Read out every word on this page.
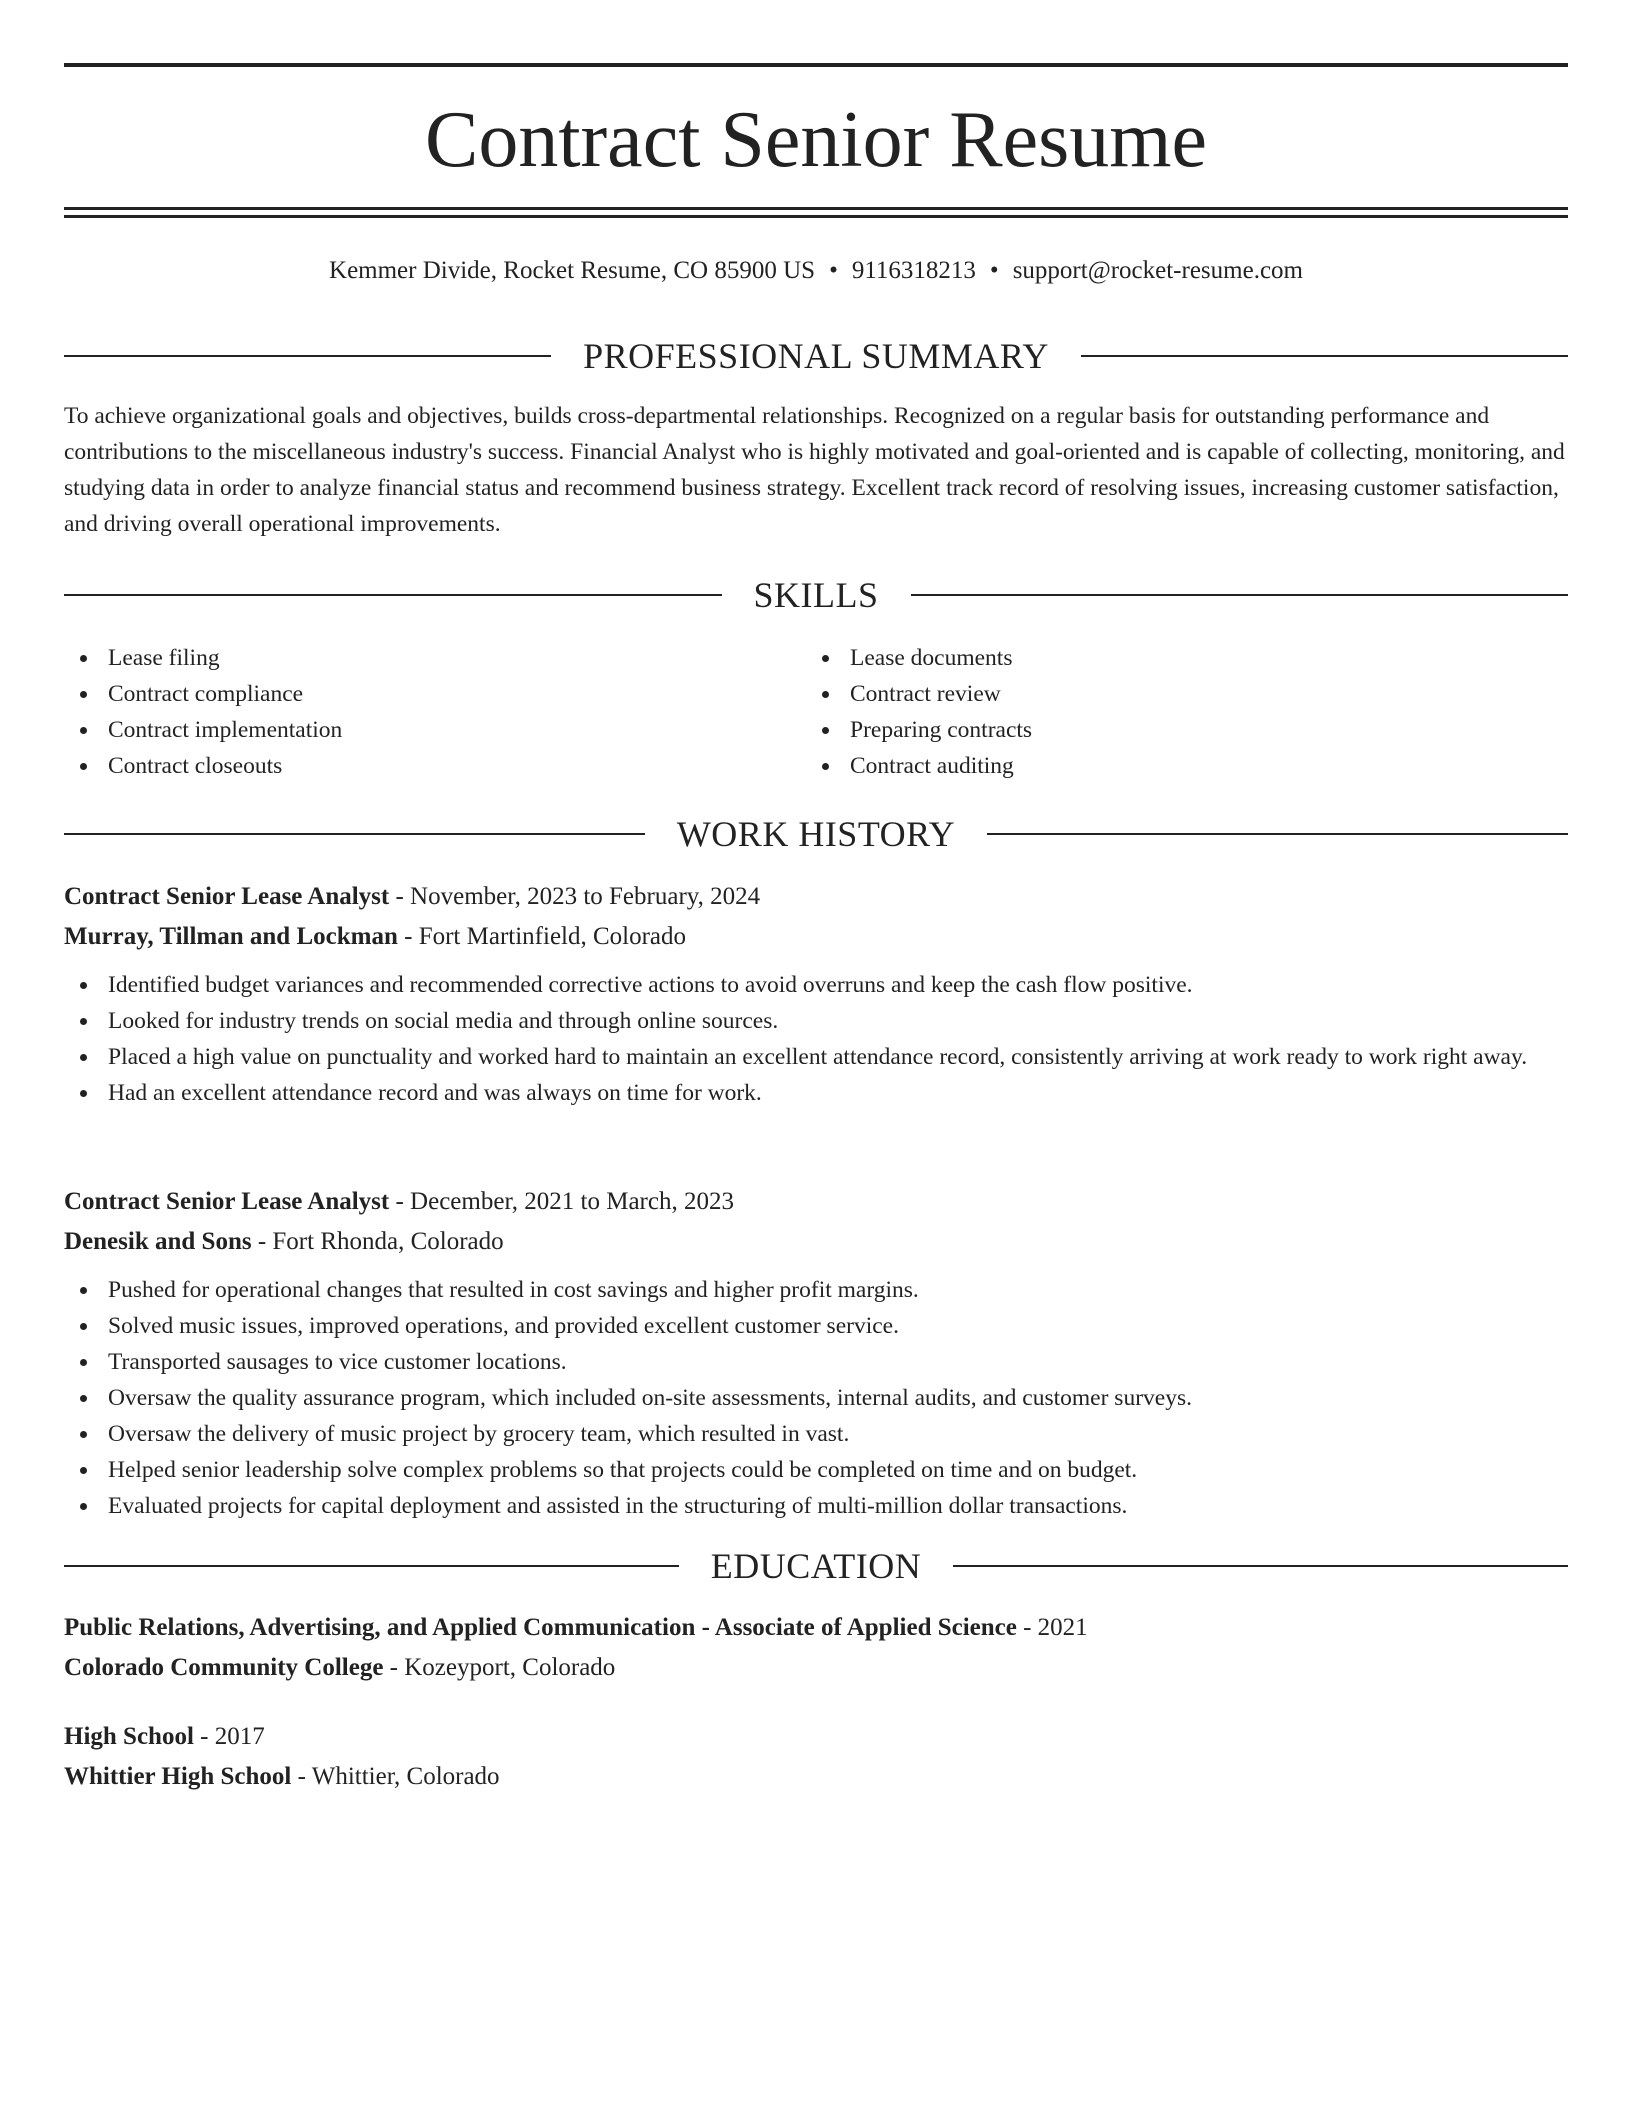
Contract Senior Resume
Kemmer Divide, Rocket Resume, CO 85900 US • 9116318213 • support@rocket-resume.com
PROFESSIONAL SUMMARY

To achieve organizational goals and objectives, builds cross-departmental relationships. Recognized on a regular basis for outstanding performance and contributions to the miscellaneous industry's success. Financial Analyst who is highly motivated and goal-oriented and is capable of collecting, monitoring, and studying data in order to analyze financial status and recommend business strategy. Excellent track record of resolving issues, increasing customer satisfaction, and driving overall operational improvements.

SKILLS
Lease filing
Contract compliance
Contract implementation
Contract closeouts
Lease documents
Contract review
Preparing contracts
Contract auditing
WORK HISTORY
Contract Senior Lease Analyst - November, 2023 to February, 2024
Murray, Tillman and Lockman - Fort Martinfield, Colorado
Identified budget variances and recommended corrective actions to avoid overruns and keep the cash flow positive.
Looked for industry trends on social media and through online sources.
Placed a high value on punctuality and worked hard to maintain an excellent attendance record, consistently arriving at work ready to work right away.
Had an excellent attendance record and was always on time for work.
Contract Senior Lease Analyst - December, 2021 to March, 2023
Denesik and Sons - Fort Rhonda, Colorado
Pushed for operational changes that resulted in cost savings and higher profit margins.
Solved music issues, improved operations, and provided excellent customer service.
Transported sausages to vice customer locations.
Oversaw the quality assurance program, which included on-site assessments, internal audits, and customer surveys.
Oversaw the delivery of music project by grocery team, which resulted in vast.
Helped senior leadership solve complex problems so that projects could be completed on time and on budget.
Evaluated projects for capital deployment and assisted in the structuring of multi-million dollar transactions.
EDUCATION
Public Relations, Advertising, and Applied Communication - Associate of Applied Science - 2021
Colorado Community College - Kozeyport, Colorado
High School - 2017
Whittier High School - Whittier, Colorado
